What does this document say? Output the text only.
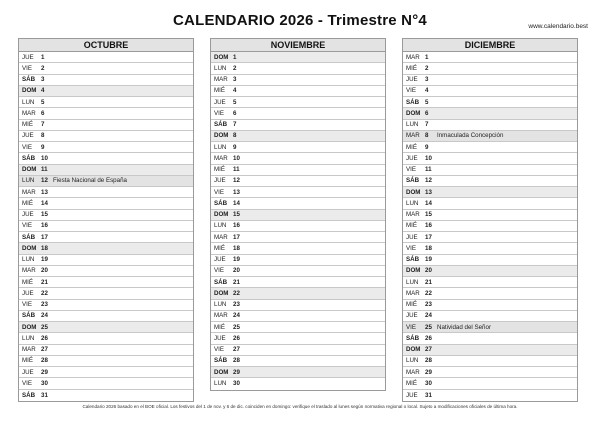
CALENDARIO 2026 - Trimestre N°4	www.calendario.best
OCTUBRE
JUE	1
VIE	2
SÁB 3
DOM 4
LUN	5
MAR 6
MIÉ	7
JUE	8
VIE	9
SÁB 10
DOM 11
LUN	12 Fiesta Nacional de España
MAR 13
MIÉ	14
JUE	15
VIE	16
SÁB 17
DOM 18
LUN	19
MAR 20
MIÉ	21
JUE	22
VIE	23
SÁB 24
DOM 25
LUN	26
MAR 27
MIÉ	28
JUE	29
VIE	30
SÁB 31
NOVIEMBRE
DOM 1
LUN	2
MAR 3
MIÉ	4
JUE	5
VIE	6
SÁB 7
DOM 8
LUN	9
MAR 10
MIÉ	11
JUE	12
VIE	13
SÁB 14
DOM 15
LUN	16
MAR 17
MIÉ	18
JUE	19
VIE	20
SÁB 21
DOM 22
LUN	23
MAR 24
MIÉ	25
JUE	26
VIE	27
SÁB 28
DOM 29
LUN	30
DICIEMBRE
MAR 1
MIÉ	2
JUE	3
VIE	4
SÁB 5
DOM 6
LUN	7
MAR 8	Inmaculada Concepción
MIÉ	9
JUE	10
VIE	11
SÁB 12
DOM 13
LUN	14
MAR 15
MIÉ	16
JUE	17
VIE	18
SÁB 19
DOM 20
LUN	21
MAR 22
MIÉ	23
JUE	24
VIE	25 Natividad del Señor
SÁB 26
DOM 27
LUN	28
MAR 29
MIÉ	30
JUE	31
Calendario 2026 basado en el BOE oficial. Los festivos del 1 de nov. y 6 de dic. coinciden en domingo: verifique el traslado al lunes según normativa regional o local. Sujeto a modificaciones oficiales de última hora.
